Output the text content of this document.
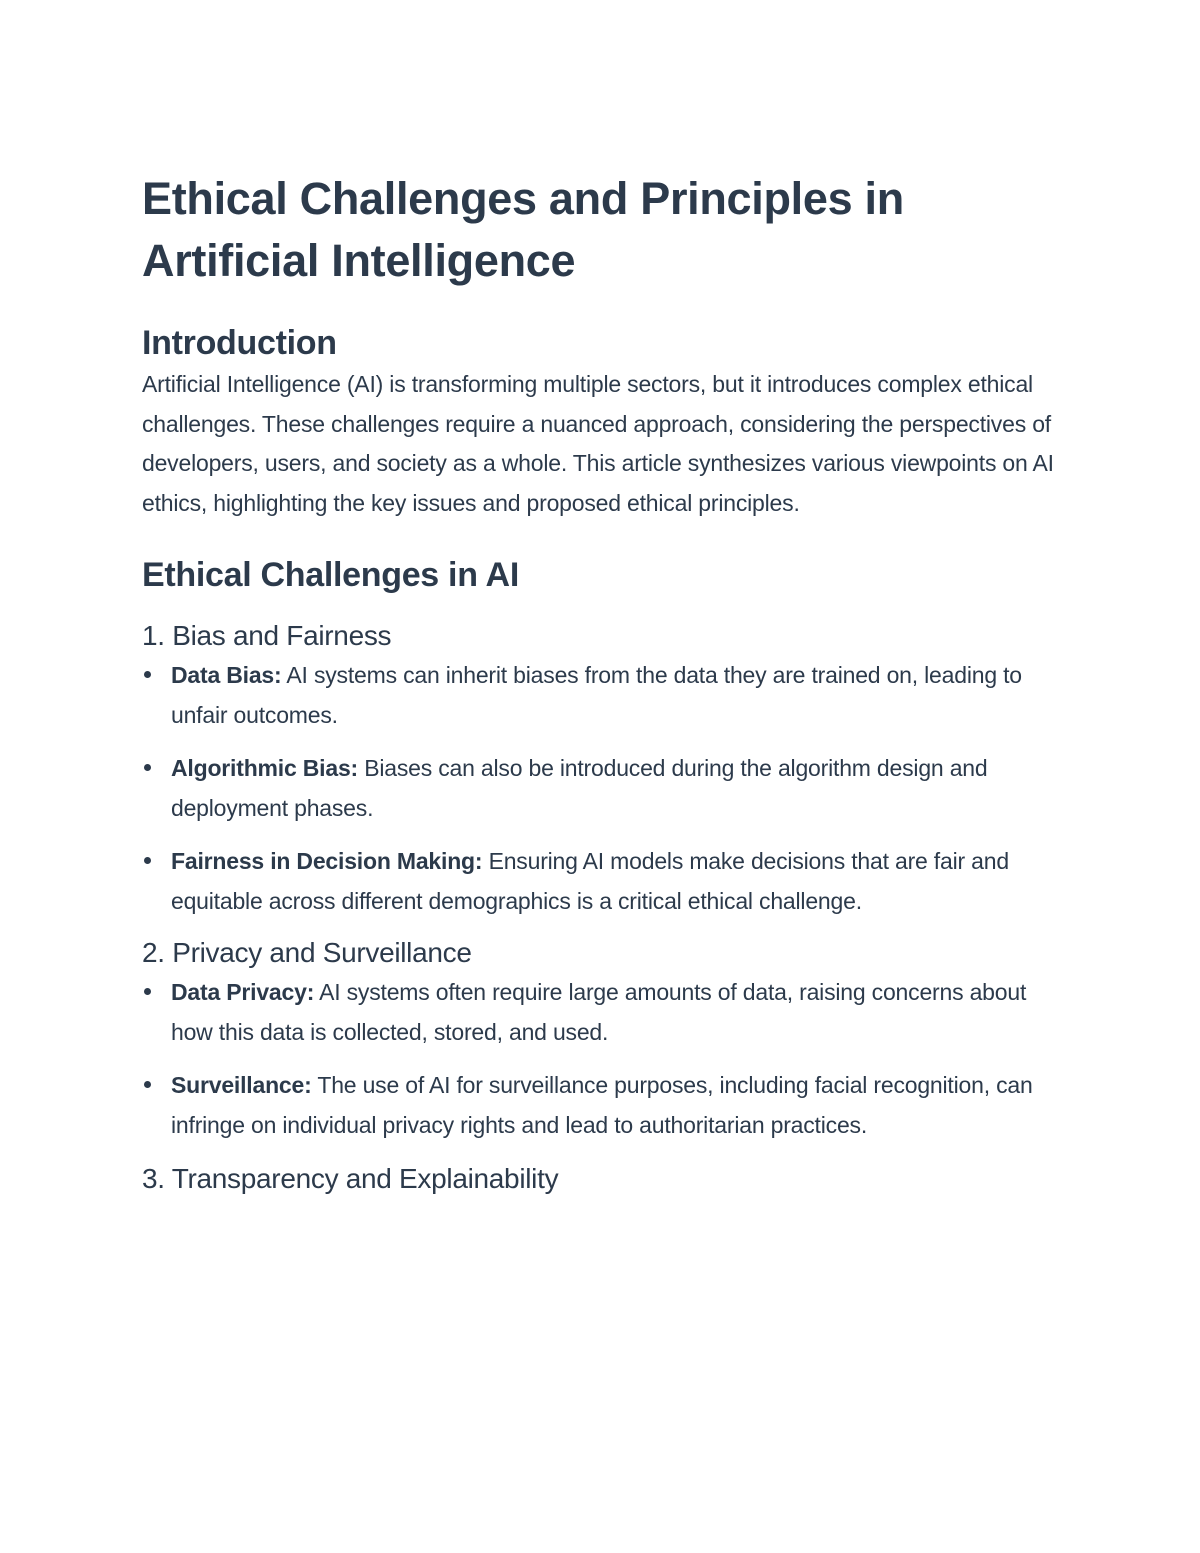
Ethical Challenges and Principles in Artificial Intelligence
Introduction

Artificial Intelligence (AI) is transforming multiple sectors, but it introduces complex ethical challenges. These challenges require a nuanced approach, considering the perspectives of developers, users, and society as a whole. This article synthesizes various viewpoints on AI ethics, highlighting the key issues and proposed ethical principles.

Ethical Challenges in AI
1. Bias and Fairness
Data Bias: AI systems can inherit biases from the data they are trained on, leading to unfair outcomes.
Algorithmic Bias: Biases can also be introduced during the algorithm design and deployment phases.
Fairness in Decision Making: Ensuring AI models make decisions that are fair and equitable across different demographics is a critical ethical challenge.
2. Privacy and Surveillance
Data Privacy: AI systems often require large amounts of data, raising concerns about how this data is collected, stored, and used.
Surveillance: The use of AI for surveillance purposes, including facial recognition, can infringe on individual privacy rights and lead to authoritarian practices.
3. Transparency and Explainability
